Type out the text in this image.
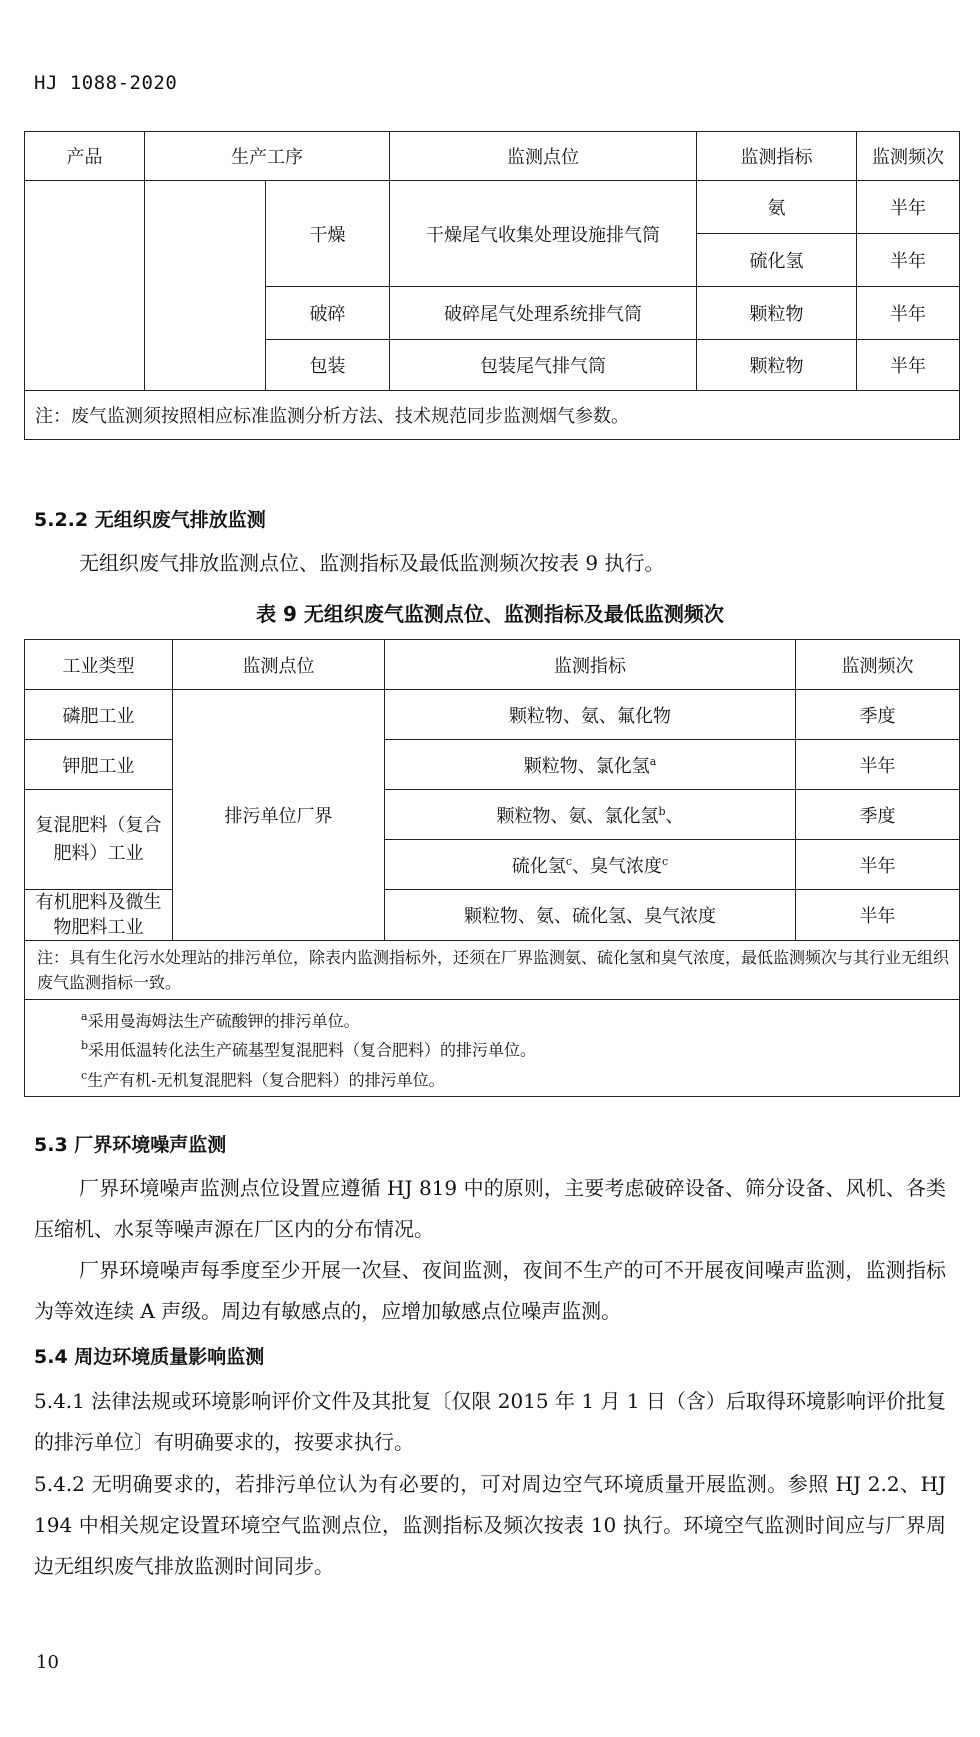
HJ 1088-2020
产品	生产工序		监测点位	监测指标	监测频次
		干燥	干燥尾气收集处理设施排气筒	氨	半年
				硫化氢	半年
		破碎	破碎尾气处理系统排气筒	颗粒物	半年
		包装	包装尾气排气筒	颗粒物	半年
注：废气监测须按照相应标准监测分析方法、技术规范同步监测烟气参数。					
5.2.2 无组织废气排放监测
无组织废气排放监测点位、监测指标及最低监测频次按表 9 执行。
表 9 无组织废气监测点位、监测指标及最低监测频次
工业类型	监测点位	监测指标	监测频次
磷肥工业	排污单位厂界	颗粒物、氨、氟化物	季度
钾肥工业		颗粒物、氯化氢$^a$	半年
复混肥料（复合肥料）工业		颗粒物、氨、氯化氢$^b$、	季度
		硫化氢$^c$、臭气浓度$^c$	半年
有机肥料及微生物肥料工业		颗粒物、氨、硫化氢、臭气浓度	半年
注：具有生化污水处理站的排污单位，除表内监测指标外，还须在厂界监测氨、硫化氢和臭气浓度，最低监测频次与其行业无组织废气监测指标一致。			

$^a$采用曼海姆法生产硫酸钾的排污单位。
$^b$采用低温转化法生产硫基型复混肥料（复合肥料）的排污单位。
$^c$生产有机-无机复混肥料（复合肥料）的排污单位。			
5.3 厂界环境噪声监测
厂界环境噪声监测点位设置应遵循 HJ 819 中的原则，主要考虑破碎设备、筛分设备、风机、各类压缩机、水泵等噪声源在厂区内的分布情况。
厂界环境噪声每季度至少开展一次昼、夜间监测，夜间不生产的可不开展夜间噪声监测，监测指标为等效连续 A 声级。周边有敏感点的，应增加敏感点位噪声监测。
5.4 周边环境质量影响监测
5.4.1 法律法规或环境影响评价文件及其批复〔仅限 2015 年 1 月 1 日（含）后取得环境影响评价批复的排污单位〕有明确要求的，按要求执行。
5.4.2 无明确要求的，若排污单位认为有必要的，可对周边空气环境质量开展监测。参照 HJ 2.2、HJ 194 中相关规定设置环境空气监测点位，监测指标及频次按表 10 执行。环境空气监测时间应与厂界周边无组织废气排放监测时间同步。
10
